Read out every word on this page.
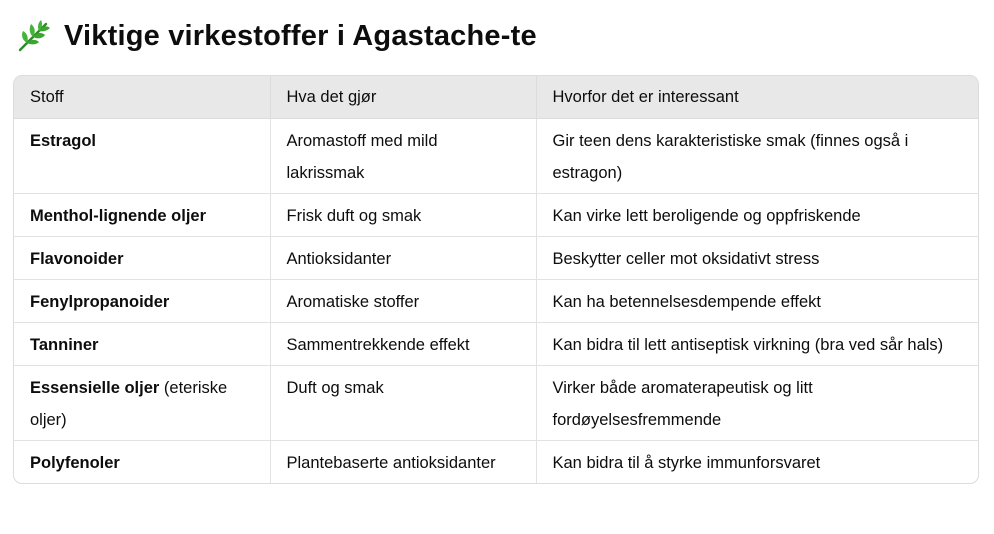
Viktige virkestoffer i Agastache-te
Stoff	Hva det gjør	Hvorfor det er interessant
Estragol	Aromastoff med mild lakrissmak	Gir teen dens karakteristiske smak (finnes også i estragon)
Menthol-lignende oljer	Frisk duft og smak	Kan virke lett beroligende og oppfriskende
Flavonoider	Antioksidanter	Beskytter celler mot oksidativt stress
Fenylpropanoider	Aromatiske stoffer	Kan ha betennelsesdempende effekt
Tanniner	Sammentrekkende effekt	Kan bidra til lett antiseptisk virkning (bra ved sår hals)
Essensielle oljer (eteriske oljer)	Duft og smak	Virker både aromaterapeutisk og litt fordøyelsesfremmende
Polyfenoler	Plantebaserte antioksidanter	Kan bidra til å styrke immunforsvaret
